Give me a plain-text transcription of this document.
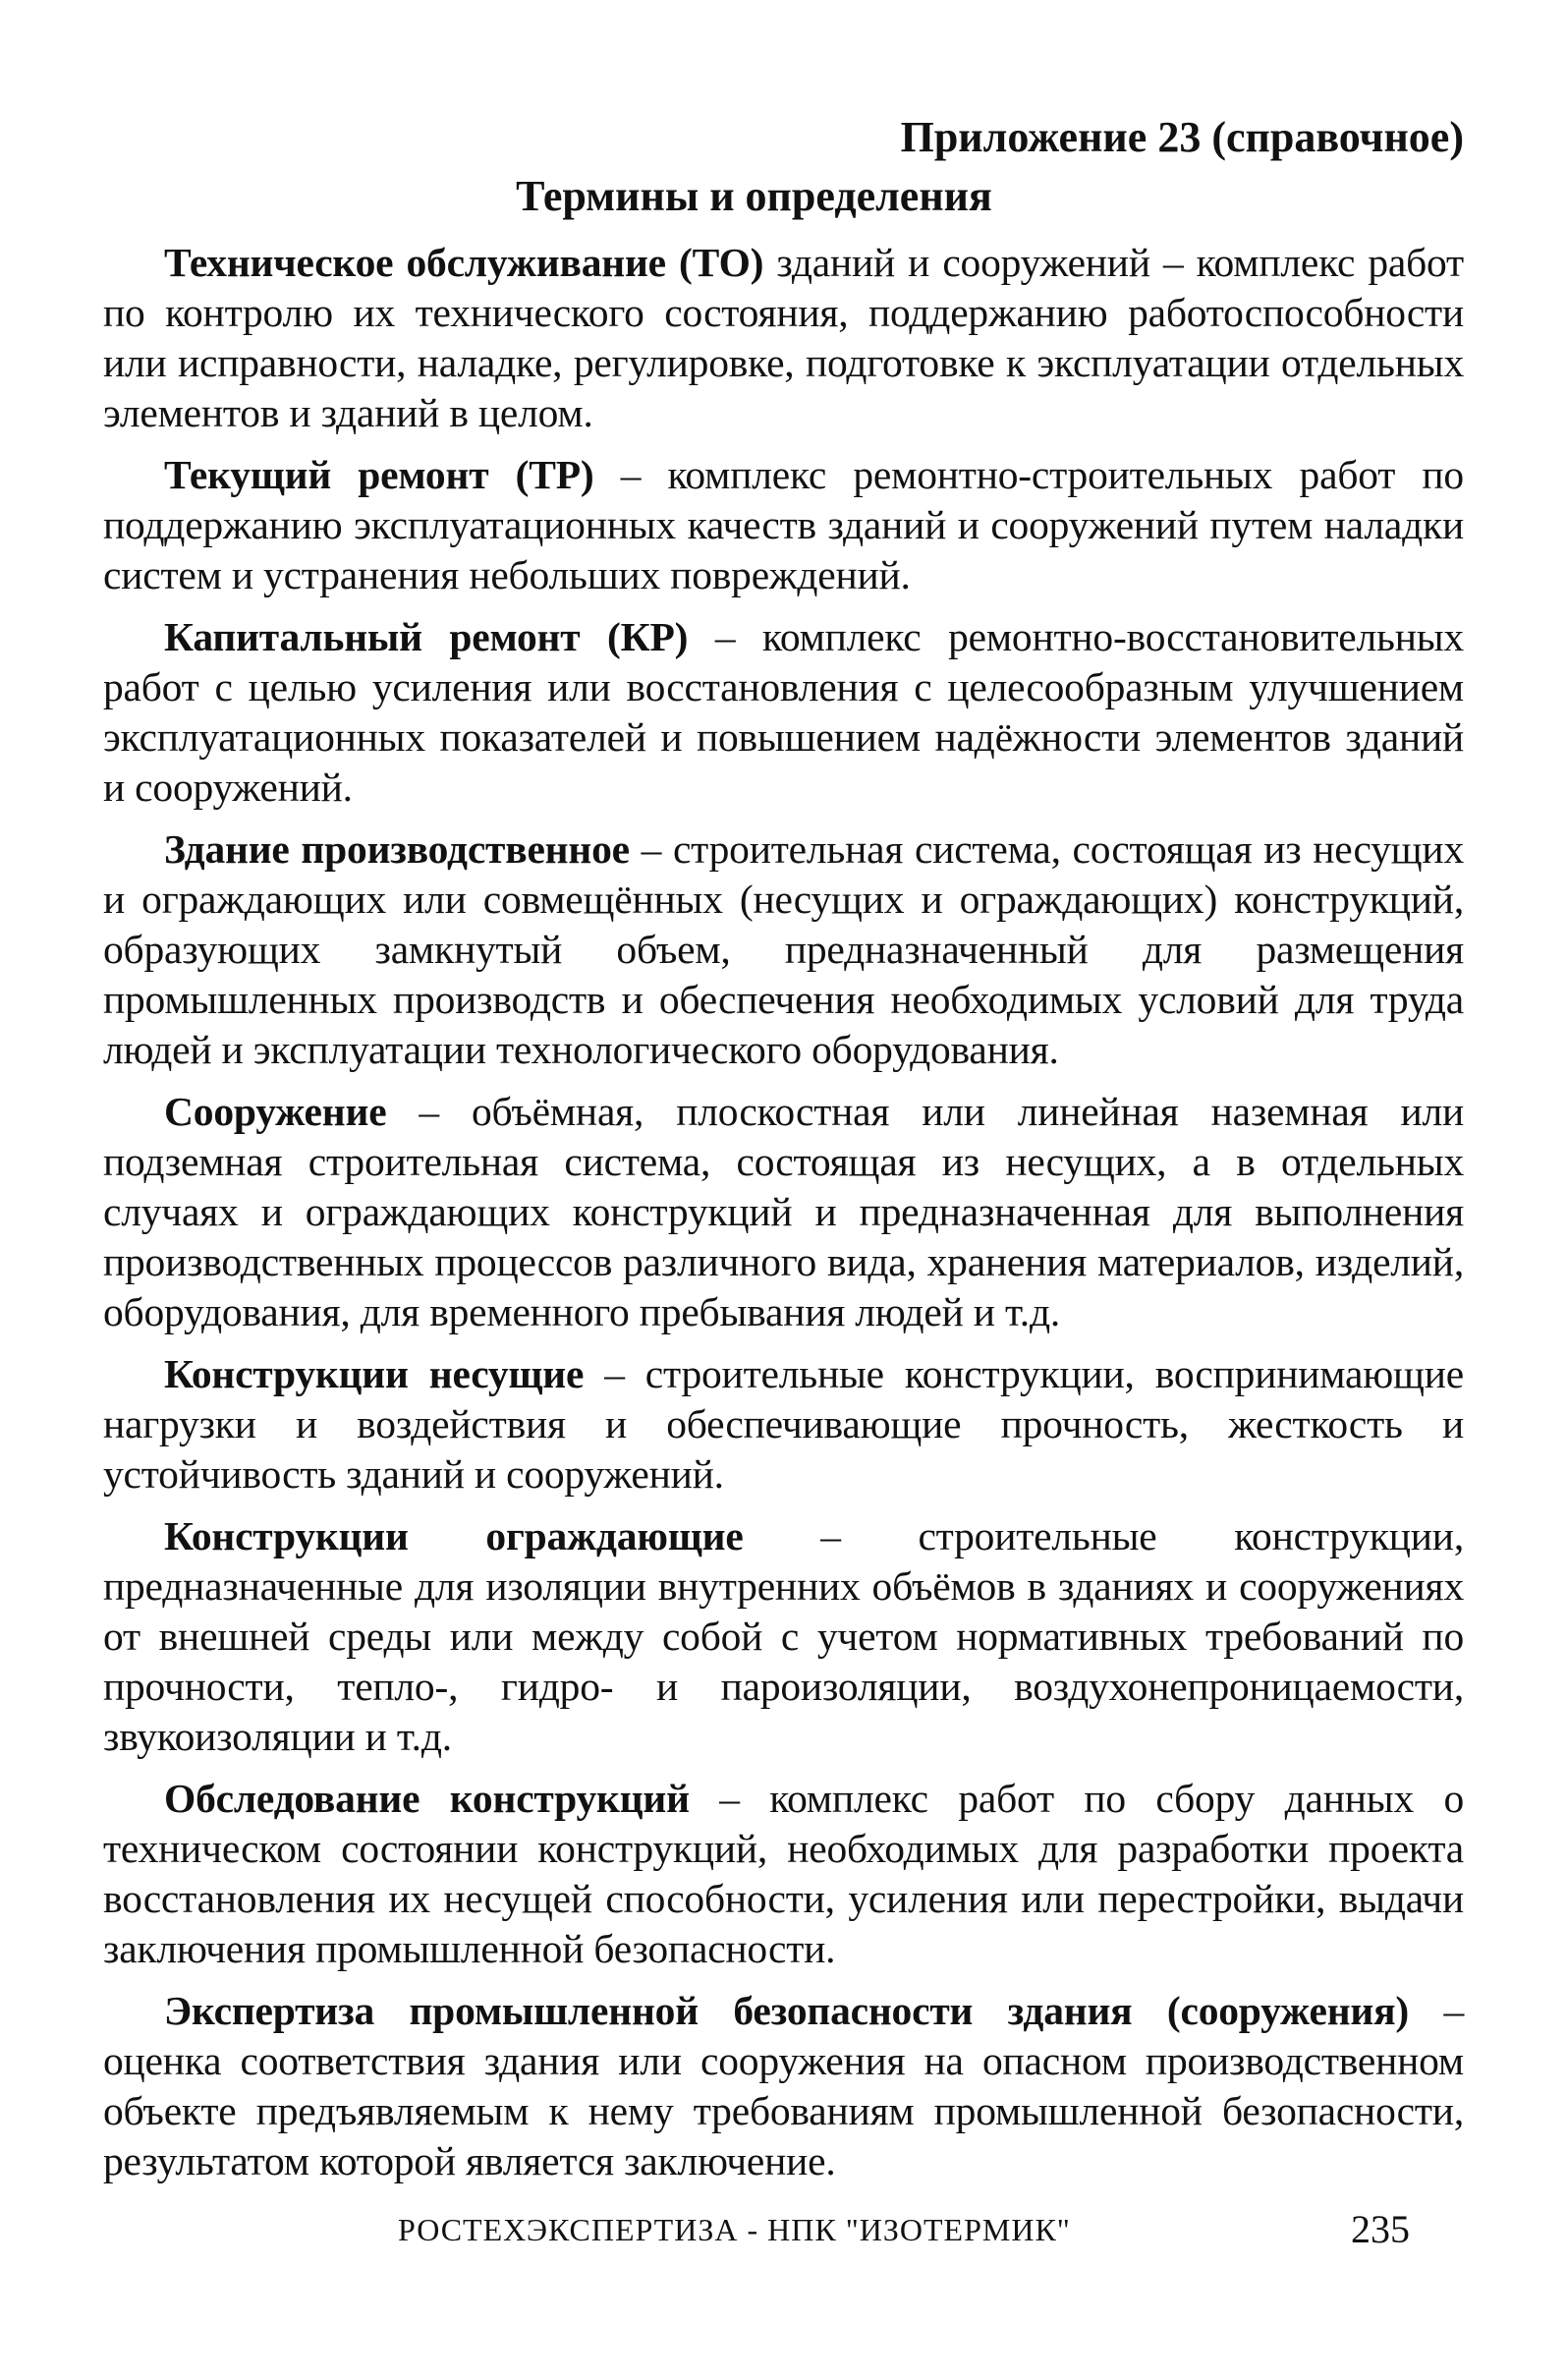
Приложение 23 (справочное)

Термины и определения

Техническое обслуживание (ТО) зданий и сооружений – комплекс работ по контролю их технического состояния, поддержанию работоспособности или исправности, наладке, регулировке, подготовке к эксплуатации отдельных элементов и зданий в целом.

Текущий ремонт (ТР) – комплекс ремонтно-строительных работ по поддержанию эксплуатационных качеств зданий и сооружений путем наладки систем и устранения небольших повреждений.

Капитальный ремонт (КР) – комплекс ремонтно-восстановительных работ с целью усиления или восстановления с целесообразным улучшением эксплуатационных показателей и повышением надёжности элементов зданий и сооружений.

Здание производственное – строительная система, состоящая из несущих и ограждающих или совмещённых (несущих и ограждающих) конструкций, образующих замкнутый объем, предназначенный для размещения промышленных производств и обеспечения необходимых условий для труда людей и эксплуатации технологического оборудования.

Сооружение – объёмная, плоскостная или линейная наземная или подземная строительная система, состоящая из несущих, а в отдельных случаях и ограждающих конструкций и предназначенная для выполнения производственных процессов различного вида, хранения материалов, изделий, оборудования, для временного пребывания людей и т.д.

Конструкции несущие – строительные конструкции, воспринимающие нагрузки и воздействия и обеспечивающие прочность, жесткость и устойчивость зданий и сооружений.

Конструкции ограждающие – строительные конструкции, предназначенные для изоляции внутренних объёмов в зданиях и сооружениях от внешней среды или между собой с учетом нормативных требований по прочности, тепло-, гидро- и пароизоляции, воздухонепроницаемости, звукоизоляции и т.д.

Обследование конструкций – комплекс работ по сбору данных о техническом состоянии конструкций, необходимых для разработки проекта восстановления их несущей способности, усиления или перестройки, выдачи заключения промышленной безопасности.

Экспертиза промышленной безопасности здания (сооружения) – оценка соответствия здания или сооружения на опасном производственном объекте предъявляемым к нему требованиям промышленной безопасности, результатом которой является заключение.

РОСТЕХЭКСПЕРТИЗА - НПК "ИЗОТЕРМИК"	235
